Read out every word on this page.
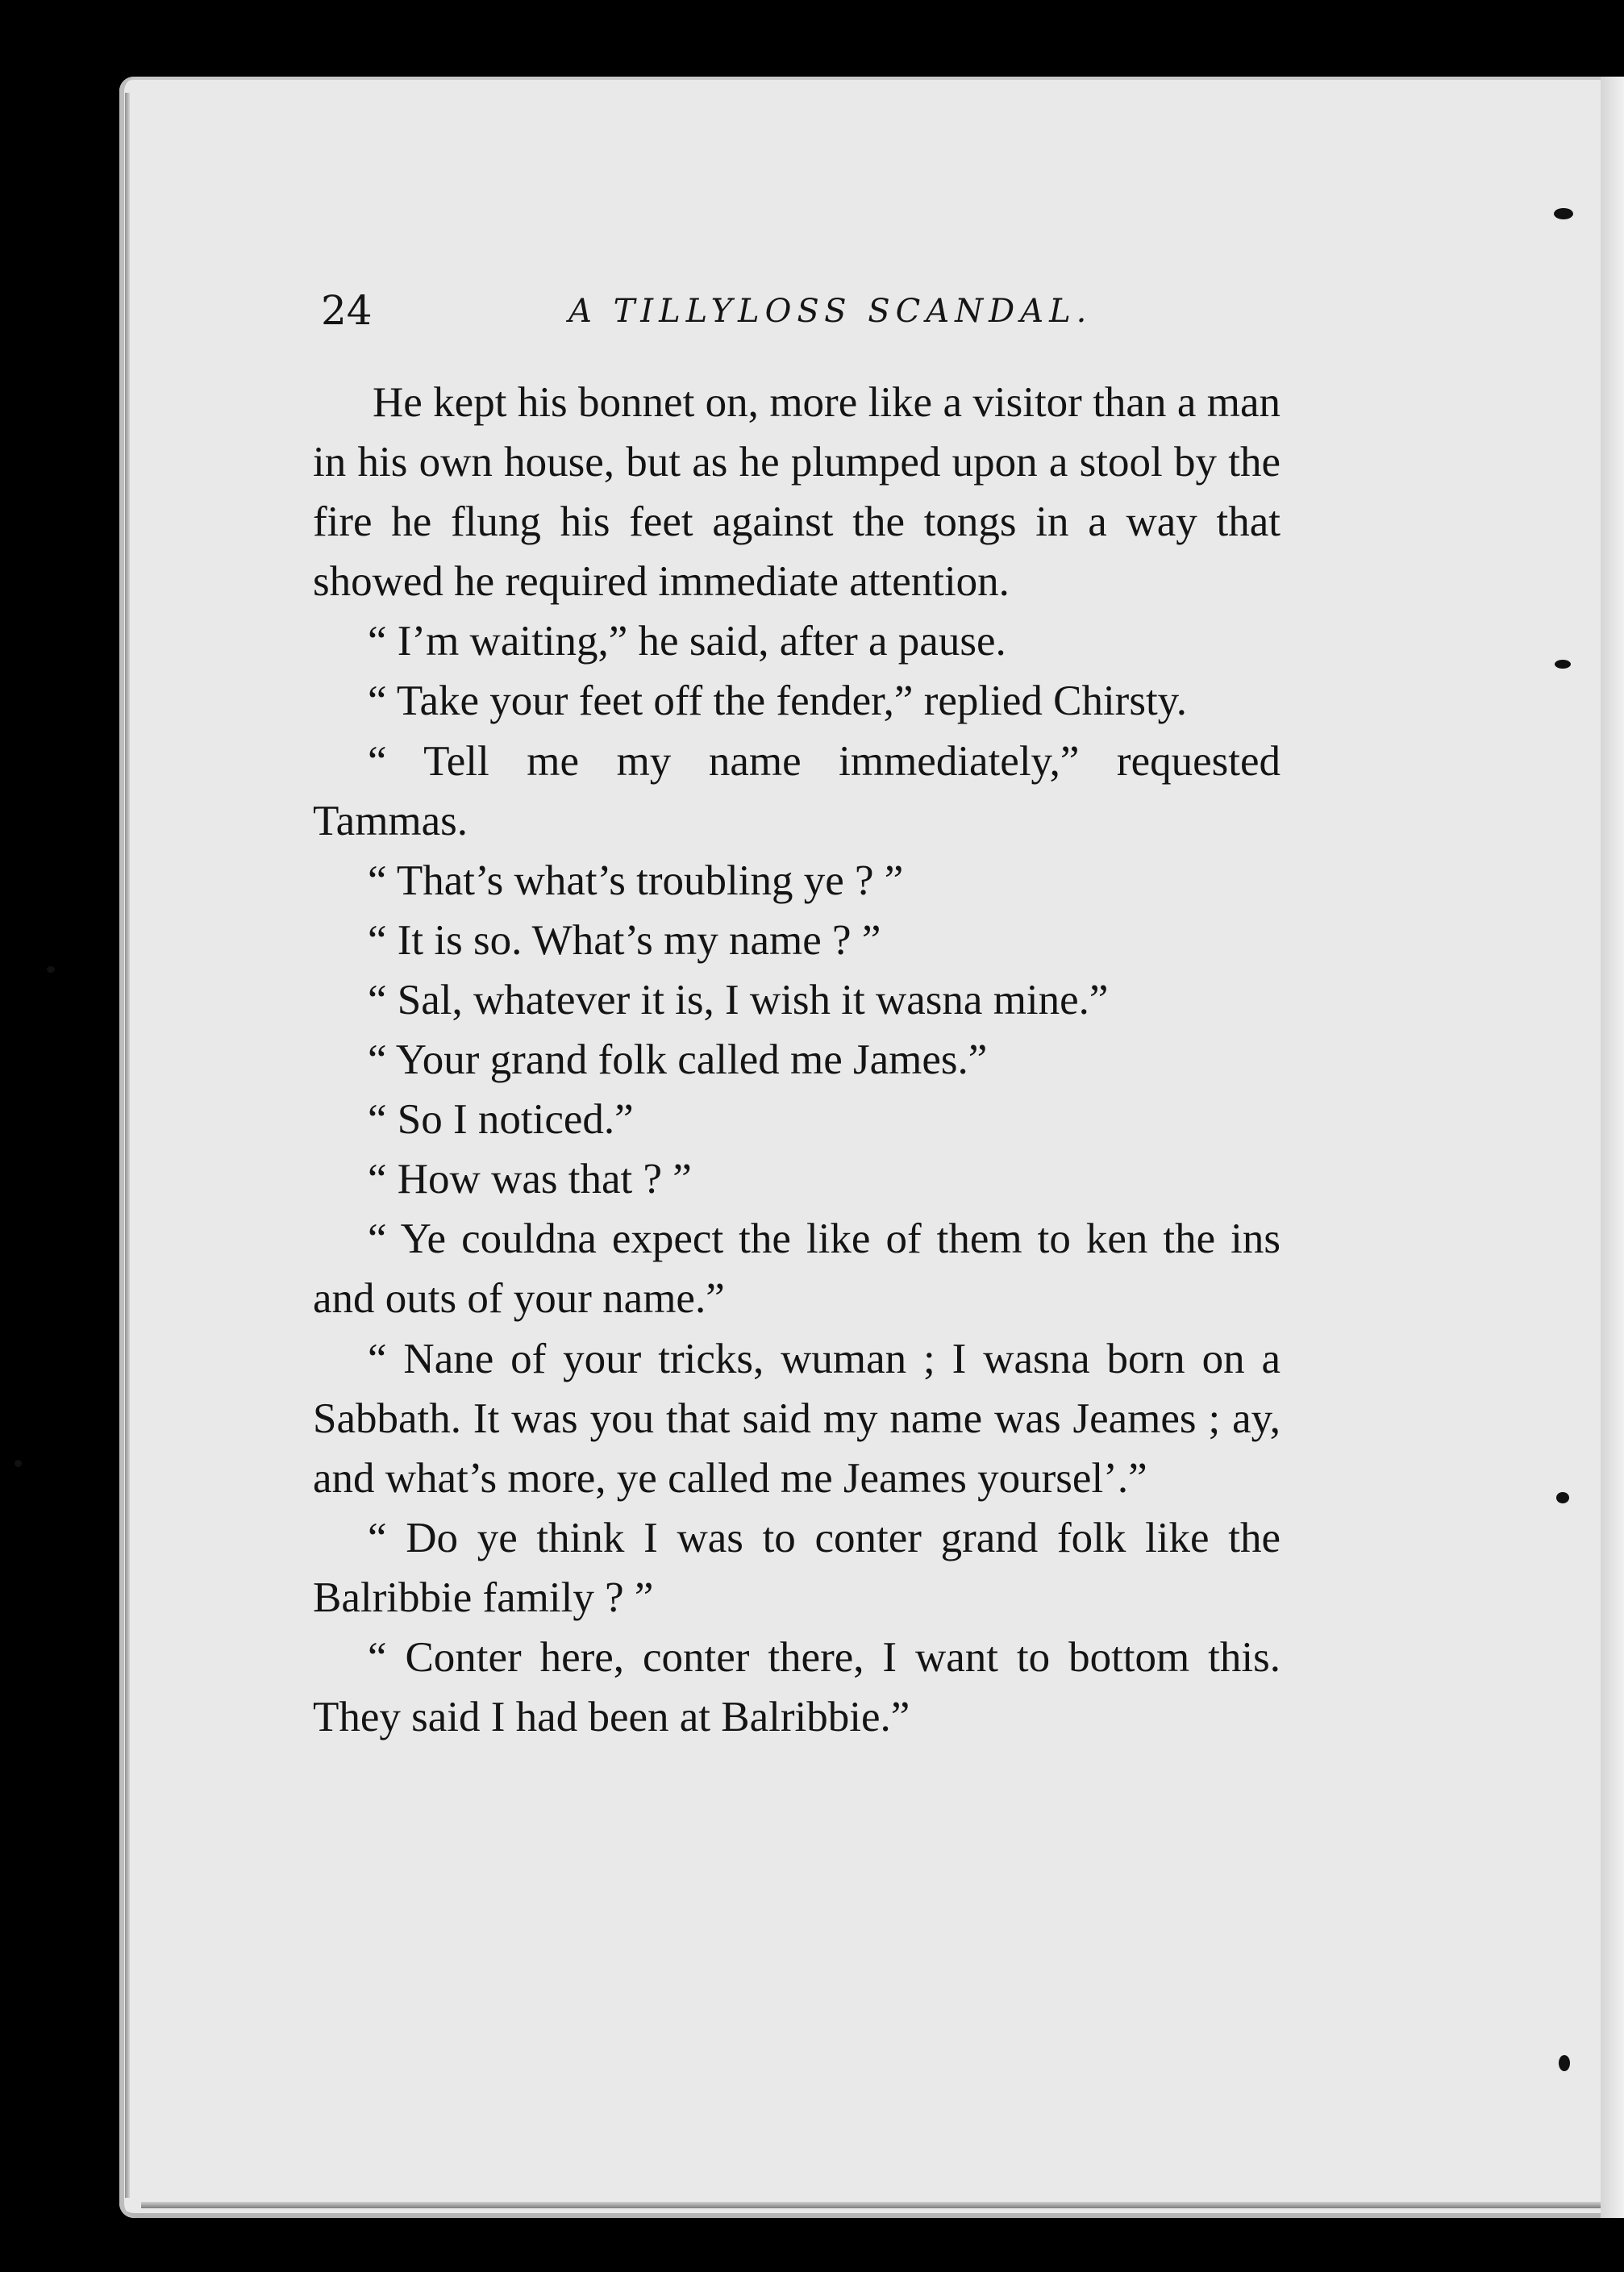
24	A TILLYLOSS SCANDAL.

He kept his bonnet on, more like a visitor than a man in his own house, but as he plumped upon a stool by the fire he flung his feet against the tongs in a way that showed he required immediate attention.

“ I’m waiting,” he said, after a pause.

“ Take your feet off the fender,” replied Chirsty.

“ Tell me my name immediately,” requested Tammas.

“ That’s what’s troubling ye ? ”

“ It is so. What’s my name ? ”

“ Sal, whatever it is, I wish it wasna mine.”

“ Your grand folk called me James.”

“ So I noticed.”

“ How was that ? ”

“ Ye couldna expect the like of them to ken the ins and outs of your name.”

“ Nane of your tricks, wuman ; I wasna born on a Sabbath. It was you that said my name was Jeames ; ay, and what’s more, ye called me Jeames yoursel’.”

“ Do ye think I was to conter grand folk like the Balribbie family ? ”

“ Conter here, conter there, I want to bottom this. They said I had been at Balribbie.”
